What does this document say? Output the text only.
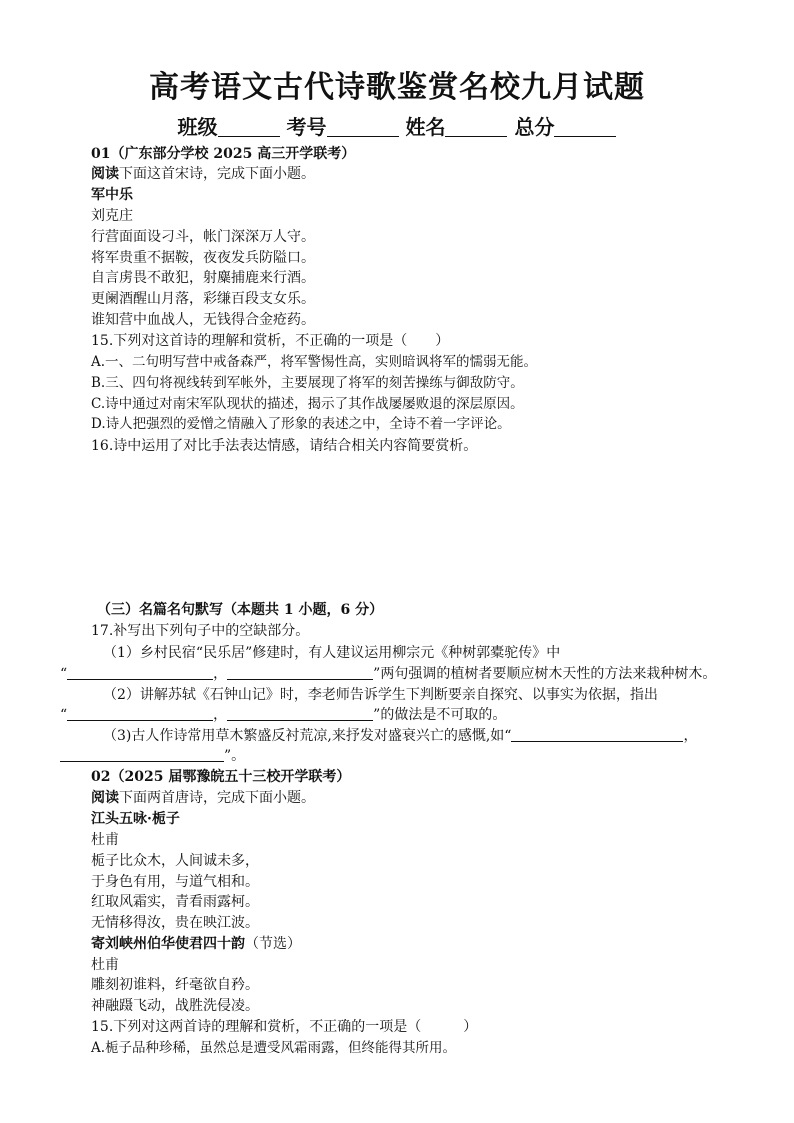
高考语文古代诗歌鉴赏名校九月试题
班级	考号	姓名	总分
01（广东部分学校 2025 高三开学联考）
阅读下面这首宋诗，完成下面小题。
军中乐
刘克庄
行营面面设刁斗，帐门深深万人守。
将军贵重不据鞍，夜夜发兵防隘口。
自言虏畏不敢犯，射麋捕鹿来行酒。
更阑酒醒山月落，彩缣百段支女乐。
谁知营中血战人，无钱得合金疮药。
15.下列对这首诗的理解和赏析，不正确的一项是（　　）
A.一、二句明写营中戒备森严，将军警惕性高，实则暗讽将军的懦弱无能。
B.三、四句将视线转到军帐外，主要展现了将军的刻苦操练与御敌防守。
C.诗中通过对南宋军队现状的描述，揭示了其作战屡屡败退的深层原因。
D.诗人把强烈的爱憎之情融入了形象的表述之中，全诗不着一字评论。
16.诗中运用了对比手法表达情感，请结合相关内容简要赏析。
（三）名篇名句默写（本题共 1 小题，6 分）
17.补写出下列句子中的空缺部分。
（1）乡村民宿“民乐居”修建时，有人建议运用柳宗元《种树郭橐驼传》中
“	，	”两句强调的植树者要顺应树木天性的方法来栽种树木。
（2）讲解苏轼《石钟山记》时，李老师告诉学生下判断要亲自探究、以事实为依据，指出
“	，	”的做法是不可取的。
（3)古人作诗常用草木繁盛反衬荒凉,来抒发对盛衰兴亡的感慨,如“	，
”。
02（2025 届鄂豫皖五十三校开学联考）
阅读下面两首唐诗，完成下面小题。
江头五咏·栀子
杜甫
栀子比众木，人间诚未多，
于身色有用，与道气相和。
红取风霜实，青看雨露柯。
无情移得汝，贵在映江波。
寄刘峡州伯华使君四十韵（节选）
杜甫
雕刻初谁料，纤毫欲自矜。
神融蹑飞动，战胜洗侵凌。
15.下列对这两首诗的理解和赏析，不正确的一项是（　　　）
A.栀子品种珍稀，虽然总是遭受风霜雨露，但终能得其所用。
